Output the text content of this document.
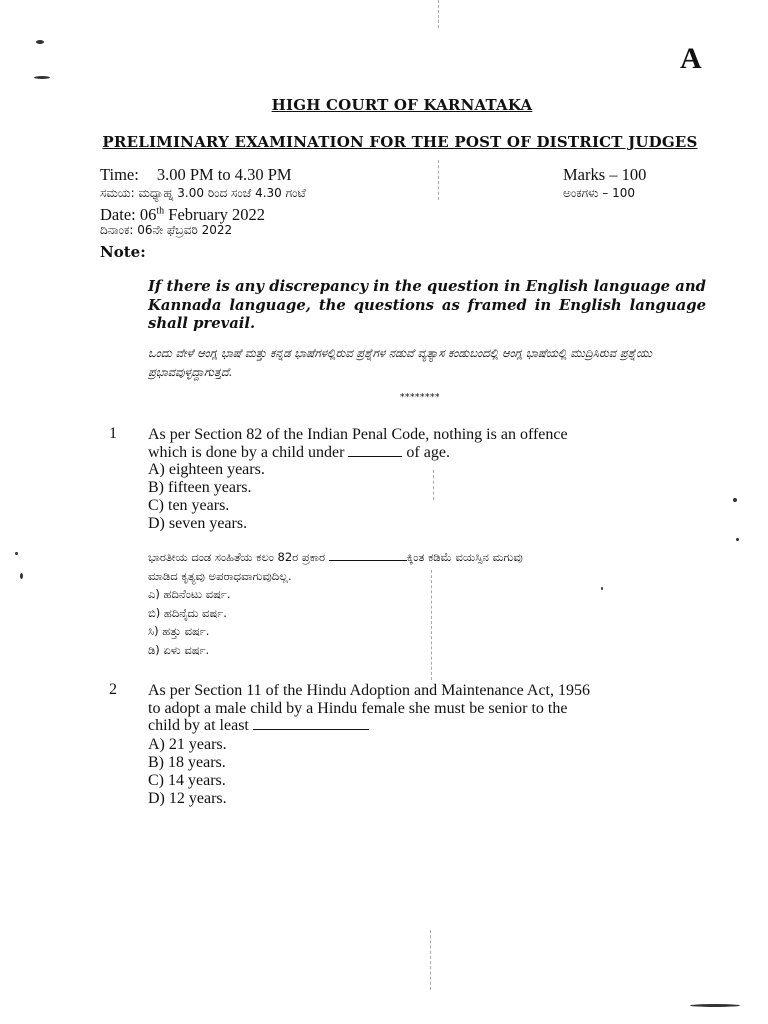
A
HIGH COURT OF KARNATAKA
PRELIMINARY EXAMINATION FOR THE POST OF DISTRICT JUDGES
Time: 3.00 PM to 4.30 PM
ಸಮಯ: ಮಧ್ಯಾಹ್ನ 3.00 ರಿಂದ ಸಂಜೆ 4.30 ಗಂಟೆ
Marks – 100
ಅಂಕಗಳು – 100
Date: 06th February 2022
ದಿನಾಂಕ: 06ನೇ ಫೆಬ್ರವರಿ 2022
Note:
If there is any discrepancy in the question in English language and Kannada language, the questions as framed in English language shall prevail.
ಒಂದು ವೇಳೆ ಆಂಗ್ಲ ಭಾಷೆ ಮತ್ತು ಕನ್ನಡ ಭಾಷೆಗಳಲ್ಲಿರುವ ಪ್ರಶ್ನೆಗಳ ನಡುವೆ ವ್ಯತ್ಯಾಸ ಕಂಡುಬಂದಲ್ಲಿ ಆಂಗ್ಲ ಭಾಷೆಯಲ್ಲಿ ಮುದ್ರಿಸಿರುವ ಪ್ರಶ್ನೆಯು ಪ್ರಭಾವವುಳ್ಳದ್ದಾಗುತ್ತದೆ.
********
1 As per Section 82 of the Indian Penal Code, nothing is an offence
which is done by a child under	of age.
A) eighteen years.
B) fifteen years.
C) ten years.
D) seven years.
ಭಾರತೀಯ ದಂಡ ಸಂಹಿತೆಯ ಕಲಂ 82ರ ಪ್ರಕಾರ	ಕ್ಕಿಂತ ಕಡಿಮೆ ವಯಸ್ಸಿನ ಮಗುವು
ಮಾಡಿದ ಕೃತ್ಯವು ಅಪರಾಧವಾಗುವುದಿಲ್ಲ.
ಎ) ಹದಿನೆಂಟು ವರ್ಷ.
ಬಿ) ಹದಿನೈದು ವರ್ಷ.
ಸಿ) ಹತ್ತು ವರ್ಷ.
ಡಿ) ಏಳು ವರ್ಷ.
2 As per Section 11 of the Hindu Adoption and Maintenance Act, 1956
to adopt a male child by a Hindu female she must be senior to the
child by at least
A) 21 years.
B) 18 years.
C) 14 years.
D) 12 years.
